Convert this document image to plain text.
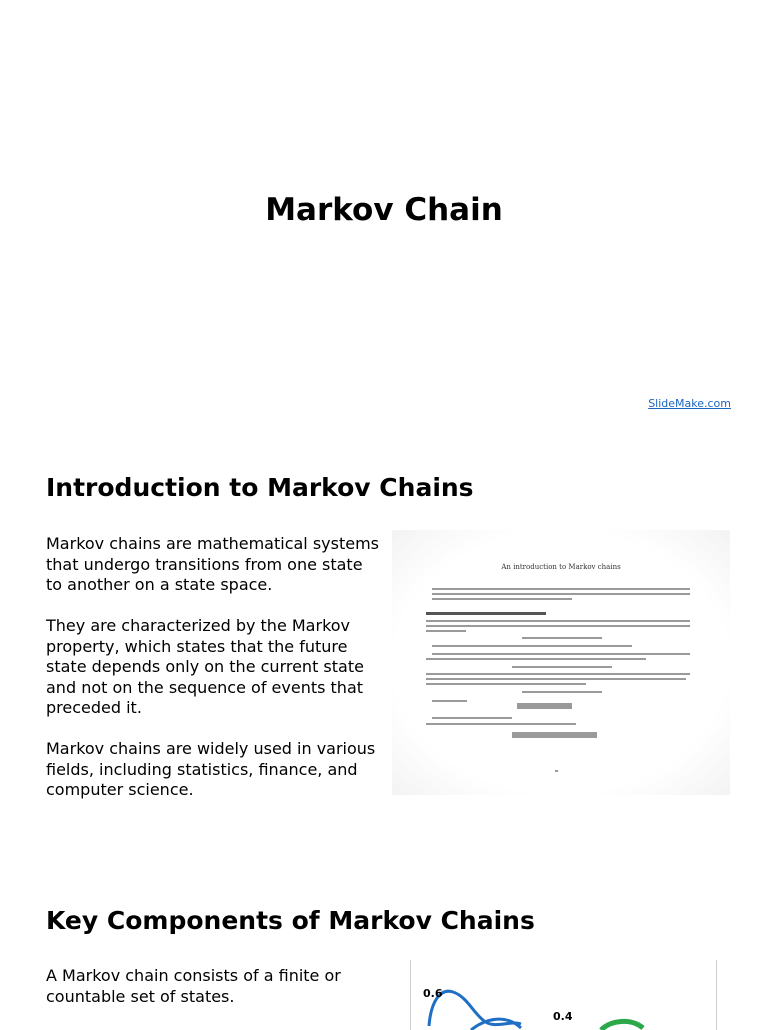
Markov Chain
SlideMake.com
Introduction to Markov Chains

Markov chains are mathematical systems that undergo transitions from one state to another on a state space.

They are characterized by the Markov property, which states that the future state depends only on the current state and not on the sequence of events that preceded it.

Markov chains are widely used in various fields, including statistics, finance, and computer science.

An introduction to Markov chains
Key Components of Markov Chains

A Markov chain consists of a finite or countable set of states.	0.6
0.4
